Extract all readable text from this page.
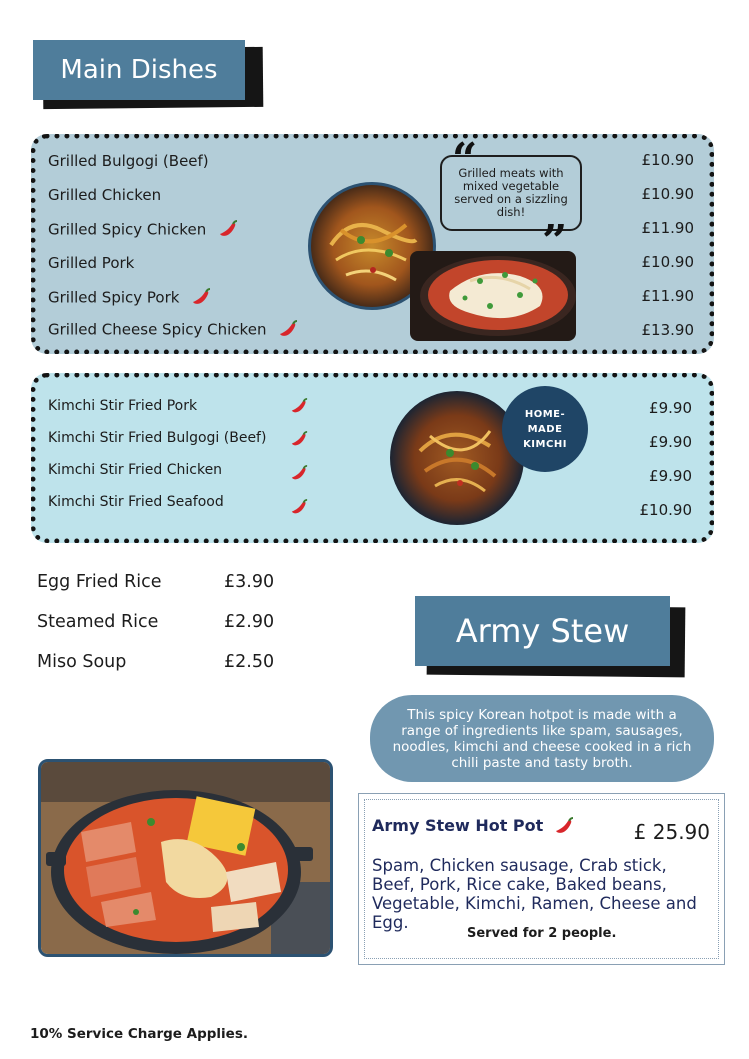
Main Dishes
Grilled Bulgogi (Beef)	£10.90
Grilled Chicken	£10.90
Grilled Spicy Chicken	£11.90
Grilled Pork	£10.90
Grilled Spicy Pork	£11.90
Grilled Cheese Spicy Chicken	£13.90
Grilled meats with mixed vegetable served on a sizzling dish!
“
”
Kimchi Stir Fried Pork	£9.90
Kimchi Stir Fried Bulgogi (Beef)	£9.90
Kimchi Stir Fried Chicken	£9.90
Kimchi Stir Fried Seafood	£10.90
HOME-
MADE
KIMCHI
Egg Fried Rice	£3.90
Steamed Rice	£2.90
Miso Soup	£2.50
Army Stew
This spicy Korean hotpot is made with a range of ingredients like spam, sausages, noodles, kimchi and cheese cooked in a rich chili paste and tasty broth.
Army Stew Hot Pot	£ 25.90
Spam, Chicken sausage, Crab stick, Beef, Pork, Rice cake, Baked beans, Vegetable, Kimchi, Ramen, Cheese and Egg.
Served for 2 people.
10% Service Charge Applies.
